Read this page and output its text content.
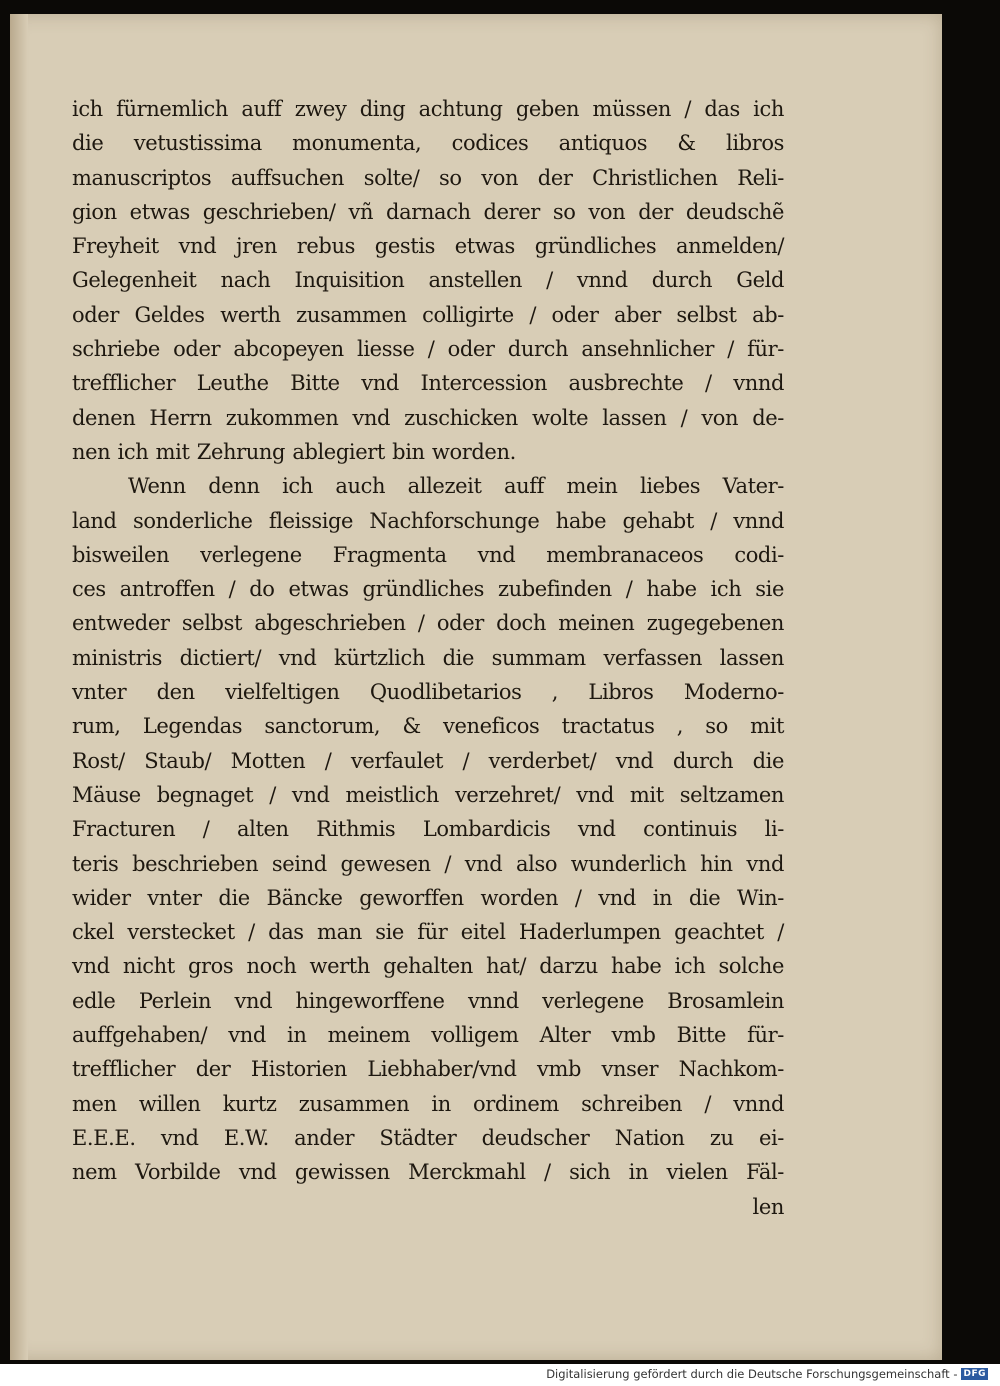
ich fürnemlich auff zwey ding achtung geben müssen / das ich
die vetustissima monumenta, codices antiquos & libros
manuscriptos auffsuchen solte/ so von der Christlichen Reli-
gion etwas geschrieben/ vñ darnach derer so von der deudschẽ
Freyheit vnd jren rebus gestis etwas gründliches anmelden/
Gelegenheit nach Inquisition anstellen / vnnd durch Geld
oder Geldes werth zusammen colligirte / oder aber selbst ab-
schriebe oder abcopeyen liesse / oder durch ansehnlicher / für-
trefflicher Leuthe Bitte vnd Intercession ausbrechte / vnnd
denen Herrn zukommen vnd zuschicken wolte lassen / von de-
nen ich mit Zehrung ablegiert bin worden.
Wenn denn ich auch allezeit auff mein liebes Vater-
land sonderliche fleissige Nachforschunge habe gehabt / vnnd
bisweilen verlegene Fragmenta vnd membranaceos codi-
ces antroffen / do etwas gründliches zubefinden / habe ich sie
entweder selbst abgeschrieben / oder doch meinen zugegebenen
ministris dictiert/ vnd kürtzlich die summam verfassen lassen
vnter den vielfeltigen Quodlibetarios , Libros Moderno-
rum, Legendas sanctorum, & veneficos tractatus , so mit
Rost/ Staub/ Motten / verfaulet / verderbet/ vnd durch die
Mäuse begnaget / vnd meistlich verzehret/ vnd mit seltzamen
Fracturen / alten Rithmis Lombardicis vnd continuis li-
teris beschrieben seind gewesen / vnd also wunderlich hin vnd
wider vnter die Bäncke geworffen worden / vnd in die Win-
ckel verstecket / das man sie für eitel Haderlumpen geachtet /
vnd nicht gros noch werth gehalten hat/ darzu habe ich solche
edle Perlein vnd hingeworffene vnnd verlegene Brosamlein
auffgehaben/ vnd in meinem volligem Alter vmb Bitte für-
trefflicher der Historien Liebhaber/vnd vmb vnser Nachkom-
men willen kurtz zusammen in ordinem schreiben / vnnd
E.E.E. vnd E.W. ander Städter deudscher Nation zu ei-
nem Vorbilde vnd gewissen Merckmahl / sich in vielen Fäl-
len
Digitalisierung gefördert durch die Deutsche Forschungsgemeinschaft - DFG
